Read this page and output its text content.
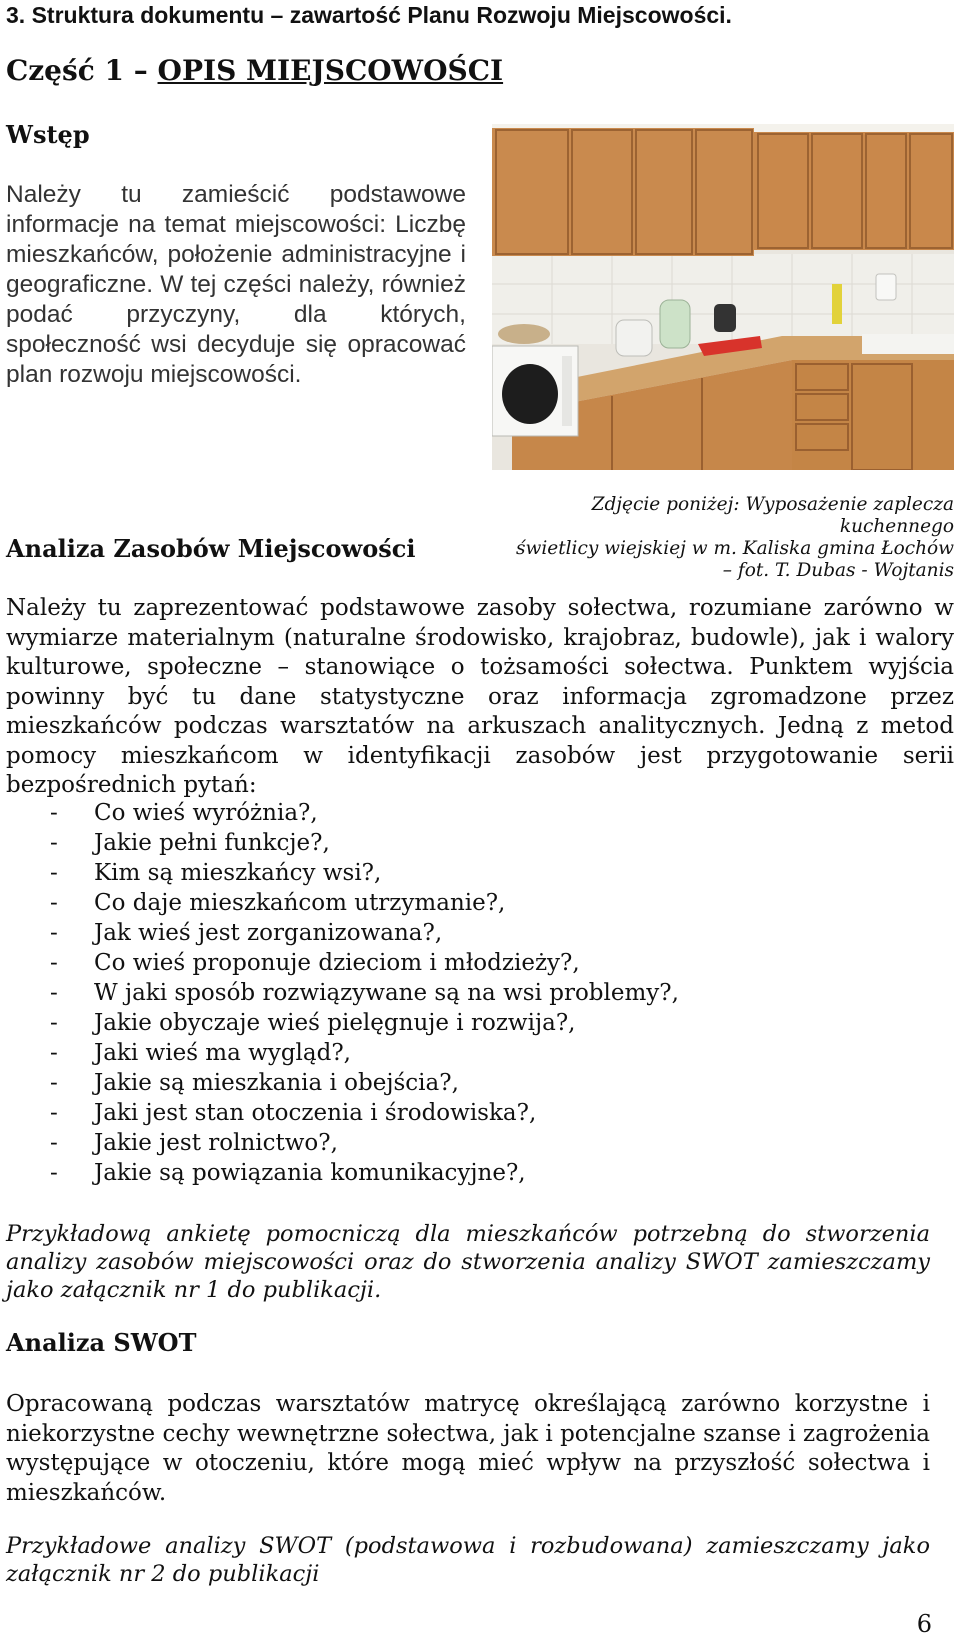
3. Struktura dokumentu – zawartość Planu Rozwoju Miejscowości.
Część 1 – OPIS MIEJSCOWOŚCI
Wstęp
Należy tu zamieścić podstawowe informacje na temat miejscowości: Liczbę mieszkańców, położenie administracyjne i geograficzne. W tej części należy, również podać przyczyny, dla których, społeczność wsi decyduje się opracować plan rozwoju miejscowości.
Zdjęcie poniżej: Wyposażenie zaplecza kuchennego
świetlicy wiejskiej w m. Kaliska gmina Łochów
– fot. T. Dubas - Wojtanis
Analiza Zasobów Miejscowości
Należy tu zaprezentować podstawowe zasoby sołectwa, rozumiane zarówno w wymiarze materialnym (naturalne środowisko, krajobraz, budowle), jak i walory kulturowe, społeczne – stanowiące o tożsamości sołectwa. Punktem wyjścia powinny być tu dane statystyczne oraz informacja zgromadzone przez mieszkańców podczas warsztatów na arkuszach analitycznych. Jedną z metod pomocy mieszkańcom w identyfikacji zasobów jest przygotowanie serii bezpośrednich pytań:
- Co wieś wyróżnia?,
- Jakie pełni funkcje?,
- Kim są mieszkańcy wsi?,
- Co daje mieszkańcom utrzymanie?,
- Jak wieś jest zorganizowana?,
- Co wieś proponuje dzieciom i młodzieży?,
- W jaki sposób rozwiązywane są na wsi problemy?,
- Jakie obyczaje wieś pielęgnuje i rozwija?,
- Jaki wieś ma wygląd?,
- Jakie są mieszkania i obejścia?,
- Jaki jest stan otoczenia i środowiska?,
- Jakie jest rolnictwo?,
- Jakie są powiązania komunikacyjne?,
Przykładową ankietę pomocniczą dla mieszkańców potrzebną do stworzenia analizy zasobów miejscowości oraz do stworzenia analizy SWOT zamieszczamy jako załącznik nr 1 do publikacji.
Analiza SWOT
Opracowaną podczas warsztatów matrycę określającą zarówno korzystne i niekorzystne cechy wewnętrzne sołectwa, jak i potencjalne szanse i zagrożenia występujące w otoczeniu, które mogą mieć wpływ na przyszłość sołectwa i mieszkańców.
Przykładowe analizy SWOT (podstawowa i rozbudowana) zamieszczamy jako załącznik nr 2 do publikacji
6
